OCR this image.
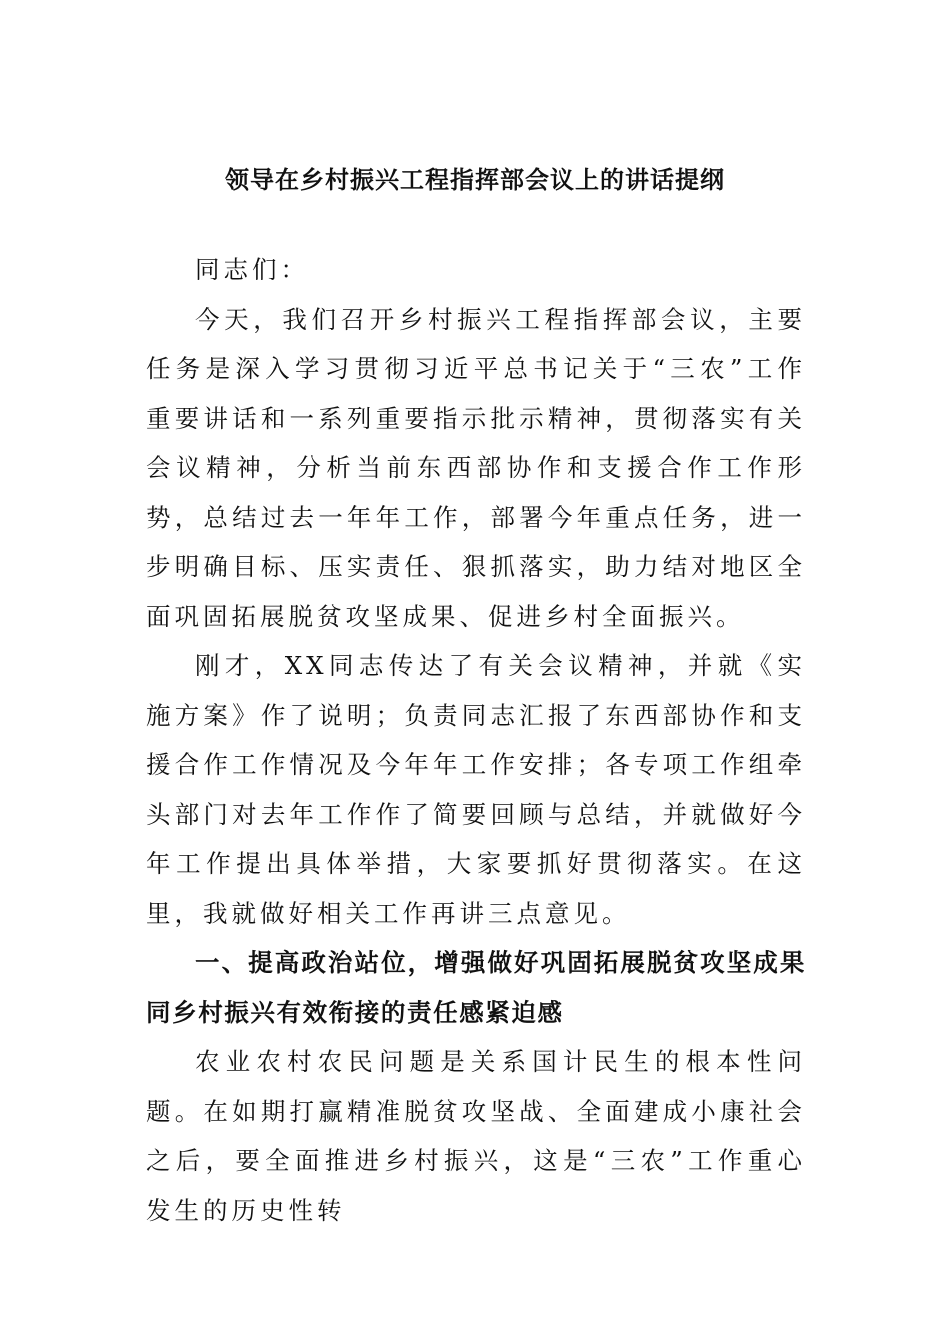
领导在乡村振兴工程指挥部会议上的讲话提纲

同志们：

今天，我们召开乡村振兴工程指挥部会议，主要任务是深入学习贯彻习近平总书记关于“三农”工作重要讲话和一系列重要指示批示精神，贯彻落实有关会议精神，分析当前东西部协作和支援合作工作形势，总结过去一年年工作，部署今年重点任务，进一步明确目标、压实责任、狠抓落实，助力结对地区全面巩固拓展脱贫攻坚成果、促进乡村全面振兴。

刚才，XX同志传达了有关会议精神，并就《实施方案》作了说明；负责同志汇报了东西部协作和支援合作工作情况及今年年工作安排；各专项工作组牵头部门对去年工作作了简要回顾与总结，并就做好今年工作提出具体举措，大家要抓好贯彻落实。在这里，我就做好相关工作再讲三点意见。

一、提高政治站位，增强做好巩固拓展脱贫攻坚成果同乡村振兴有效衔接的责任感紧迫感

农业农村农民问题是关系国计民生的根本性问题。在如期打赢精准脱贫攻坚战、全面建成小康社会之后，要全面推进乡村振兴，这是“三农”工作重心发生的历史性转
